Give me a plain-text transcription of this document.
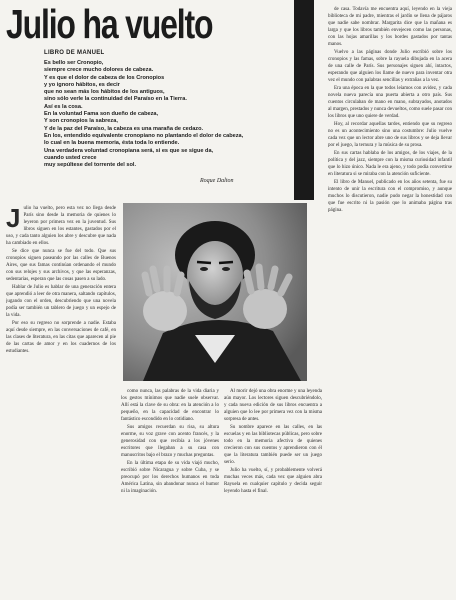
Julio ha vuelto
LIBRO DE MANUEL
Es bello ser Cronopio,
siempre crece mucho dolores de cabeza.
Y es que el dolor de cabeza de los Cronopios
y yo ignoro hábitos, es decir
que no sean más los hábitos de los antiguos,
sino sólo verle la continuidad del Paraíso en la Tierra.
Así es la cosa.
En la voluntad Fama son dueño de cabeza,
Y son cronopios la sabreza,
Y de la paz del Paraíso, la cabeza es una maraña de cedazo.
En los, entendido equivalente cronopiano no plantando el dolor de cabeza,
lo cual en la buena memoria, ésta toda lo entiende.
Una verdadera voluntad cronopiana será, si es que se sigue da,
cuando usted crece
muy sepúltese del torrente del sol.
Roque Dalton

de casa. Todavía me encuentra aquí, leyendo en la vieja biblioteca de mi padre, mientras el jardín se llena de pájaros que nadie sabe nombrar. Margarita dice que la mañana es larga y que los libros también envejecen como las personas, con las hojas amarillas y los bordes gastados por tantas manos.

Vuelvo a las páginas donde Julio escribió sobre los cronopios y las famas, sobre la rayuela dibujada en la acera de una calle de París. Sus personajes siguen ahí, intactos, esperando que alguien los llame de nuevo para inventar otra vez el mundo con palabras sencillas y extrañas a la vez.

Era una época en la que todos leíamos con avidez, y cada novela nueva parecía una puerta abierta a otro país. Sus cuentos circulaban de mano en mano, subrayados, anotados al margen, prestados y nunca devueltos, como suele pasar con los libros que uno quiere de verdad.

Hoy, al recordar aquellas tardes, entiendo que su regreso no es un acontecimiento sino una costumbre: Julio vuelve cada vez que un lector abre uno de sus libros y se deja llevar por el juego, la ternura y la música de su prosa.

En sus cartas hablaba de los amigos, de los viajes, de la política y del jazz, siempre con la misma curiosidad infantil que lo hizo único. Nada le era ajeno, y todo podía convertirse en literatura si se miraba con la atención suficiente.

El libro de Manuel, publicado en los años setenta, fue su intento de unir la escritura con el compromiso, y aunque muchos lo discutieron, nadie pudo negar la honestidad con que fue escrito ni la pasión que lo animaba página tras página.

J ulio ha vuelto, pero esta vez no llega desde París sino desde la memoria de quienes lo leyeron por primera vez en la juventud. Sus libros siguen en los estantes, gastados por el uso, y cada tanto alguien los abre y descubre que nada ha cambiado en ellos.

Se dice que nunca se fue del todo. Que sus cronopios siguen paseando por las calles de Buenos Aires, que sus famas continúan ordenando el mundo con sus relojes y sus archivos, y que las esperanzas, sedentarias, esperan que las cosas pasen a su lado.

Hablar de Julio es hablar de una generación entera que aprendió a leer de otra manera, saltando capítulos, jugando con el orden, descubriendo que una novela podía ser también un tablero de juego y un espejo de la vida.

Por eso su regreso no sorprende a nadie. Estaba aquí desde siempre, en las conversaciones de café, en las clases de literatura, en las citas que aparecen al pie de las cartas de amor y en los cuadernos de los estudiantes.

como nunca, las palabras de la vida diaria y los gestos mínimos que nadie suele observar. Allí está la clave de su obra: en la atención a lo pequeño, en la capacidad de encontrar lo fantástico escondido en lo cotidiano.

Sus amigos recuerdan su risa, su altura enorme, su voz grave con acento francés, y la generosidad con que recibía a los jóvenes escritores que llegaban a su casa con manuscritos bajo el brazo y muchas preguntas.

En la última etapa de su vida viajó mucho, escribió sobre Nicaragua y sobre Cuba, y se preocupó por los derechos humanos en toda América Latina, sin abandonar nunca el humor ni la imaginación.

Al morir dejó una obra enorme y una leyenda aún mayor. Los lectores siguen descubriéndolo, y cada nueva edición de sus libros encuentra a alguien que lo lee por primera vez con la misma sorpresa de antes.

Su nombre aparece en las calles, en las escuelas y en las bibliotecas públicas, pero sobre todo en la memoria afectiva de quienes crecieron con sus cuentos y aprendieron con él que la literatura también puede ser un juego serio.

Julio ha vuelto, sí, y probablemente volverá muchas veces más, cada vez que alguien abra Rayuela en cualquier capítulo y decida seguir leyendo hasta el final.
